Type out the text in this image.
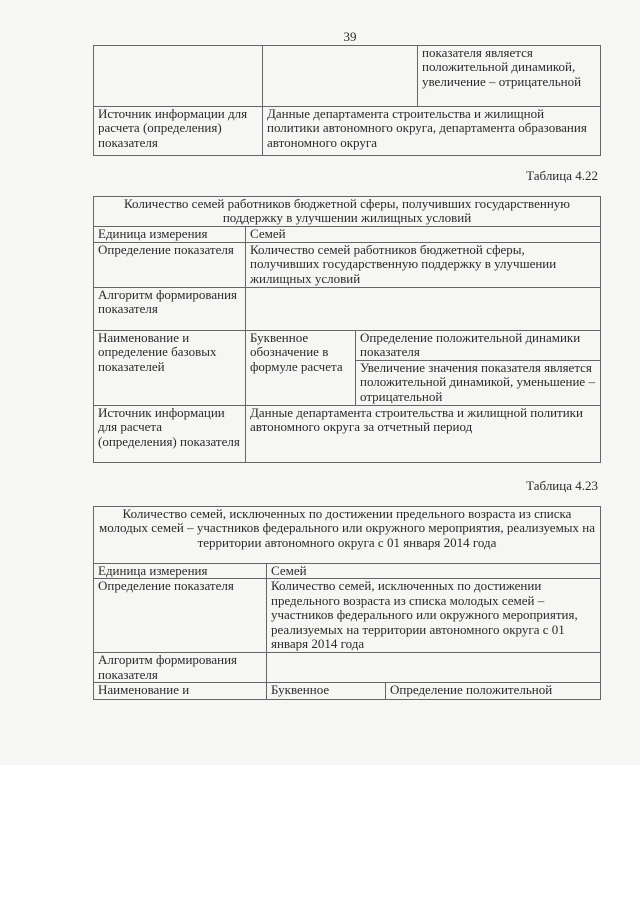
39
		показателя является положительной динамикой, увеличение – отрицательной
Источник информации для расчета (определения) показателя	Данные департамента строительства и жилищной политики автономного округа, департамента образования автономного округа	
Таблица 4.22
Количество семей работников бюджетной сферы, получивших государственную поддержку в улучшении жилищных условий		
Единица измерения	Семей	
Определение показателя	Количество семей работников бюджетной сферы, получивших государственную поддержку в улучшении жилищных условий	
Алгоритм формирования показателя		
Наименование и определение базовых показателей	Буквенное обозначение в формуле расчета	Определение положительной динамики показателя
		Увеличение значения показателя является положительной динамикой, уменьшение – отрицательной
Источник информации для расчета (определения) показателя	Данные департамента строительства и жилищной политики автономного округа за отчетный период	
Таблица 4.23
Количество семей, исключенных по достижении предельного возраста из списка молодых семей – участников федерального или окружного мероприятия, реализуемых на территории автономного округа с 01 января 2014 года		
Единица измерения	Семей	
Определение показателя	Количество семей, исключенных по достижении предельного возраста из списка молодых семей – участников федерального или окружного мероприятия, реализуемых на территории автономного округа с 01 января 2014 года	
Алгоритм формирования показателя		
Наименование и	Буквенное	Определение положительной
